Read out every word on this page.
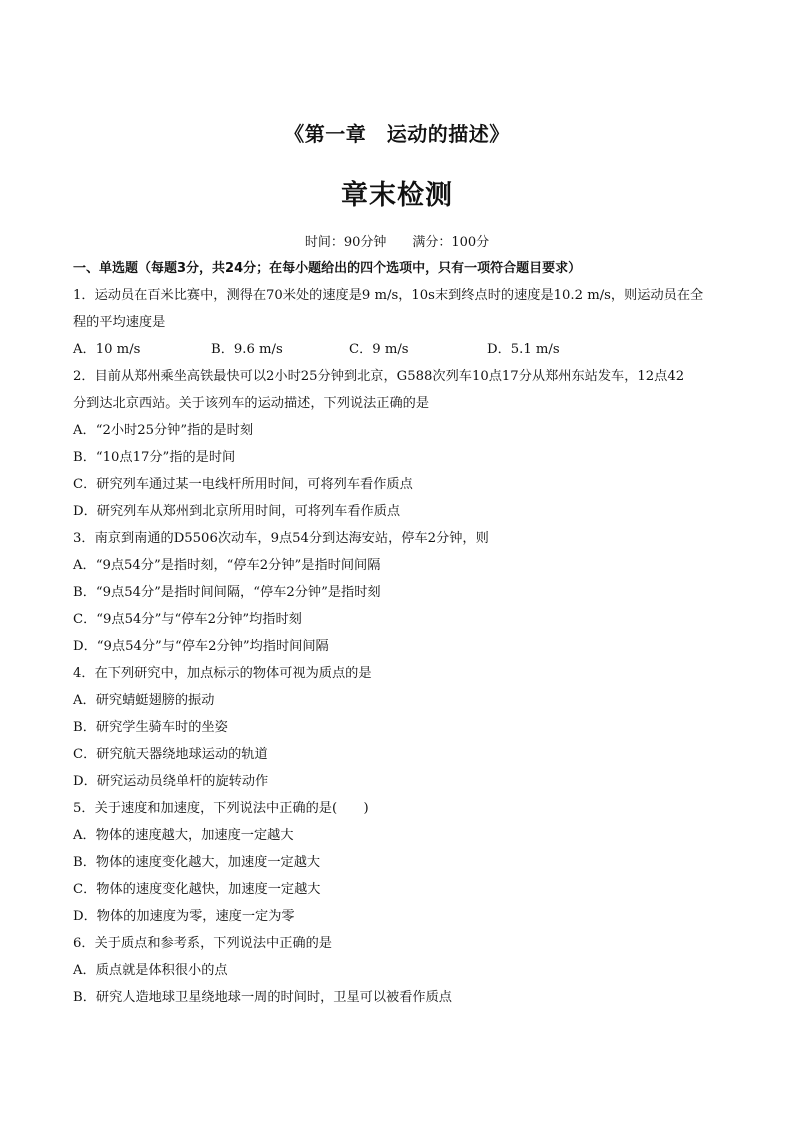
《第一章　运动的描述》
章末检测
时间：90分钟 满分：100分
一、单选题（每题3分，共24分；在每小题给出的四个选项中，只有一项符合题目要求）
1．运动员在百米比赛中，测得在70米处的速度是9 m/s，10s末到终点时的速度是10.2 m/s，则运动员在全
程的平均速度是
A．10 m/s	B．9.6 m/s	C．9 m/s	D．5.1 m/s
2．目前从郑州乘坐高铁最快可以2小时25分钟到北京，G588次列车10点17分从郑州东站发车，12点42
分到达北京西站。关于该列车的运动描述，下列说法正确的是
A．“2小时25分钟”指的是时刻
B．“10点17分”指的是时间
C．研究列车通过某一电线杆所用时间，可将列车看作质点
D．研究列车从郑州到北京所用时间，可将列车看作质点
3．南京到南通的D5506次动车，9点54分到达海安站，停车2分钟，则
A．“9点54分”是指时刻，“停车2分钟”是指时间间隔
B．“9点54分”是指时间间隔，“停车2分钟”是指时刻
C．“9点54分”与“停车2分钟”均指时刻
D．“9点54分”与“停车2分钟”均指时间间隔
4．在下列研究中，加点标示的物体可视为质点的是
A．研究蜻蜓翅膀的振动
B．研究学生骑车时的坐姿
C．研究航天器绕地球运动的轨道
D．研究运动员绕单杆的旋转动作
5．关于速度和加速度，下列说法中正确的是(　　)
A．物体的速度越大，加速度一定越大
B．物体的速度变化越大，加速度一定越大
C．物体的速度变化越快，加速度一定越大
D．物体的加速度为零，速度一定为零
6．关于质点和参考系，下列说法中正确的是
A．质点就是体积很小的点
B．研究人造地球卫星绕地球一周的时间时，卫星可以被看作质点
